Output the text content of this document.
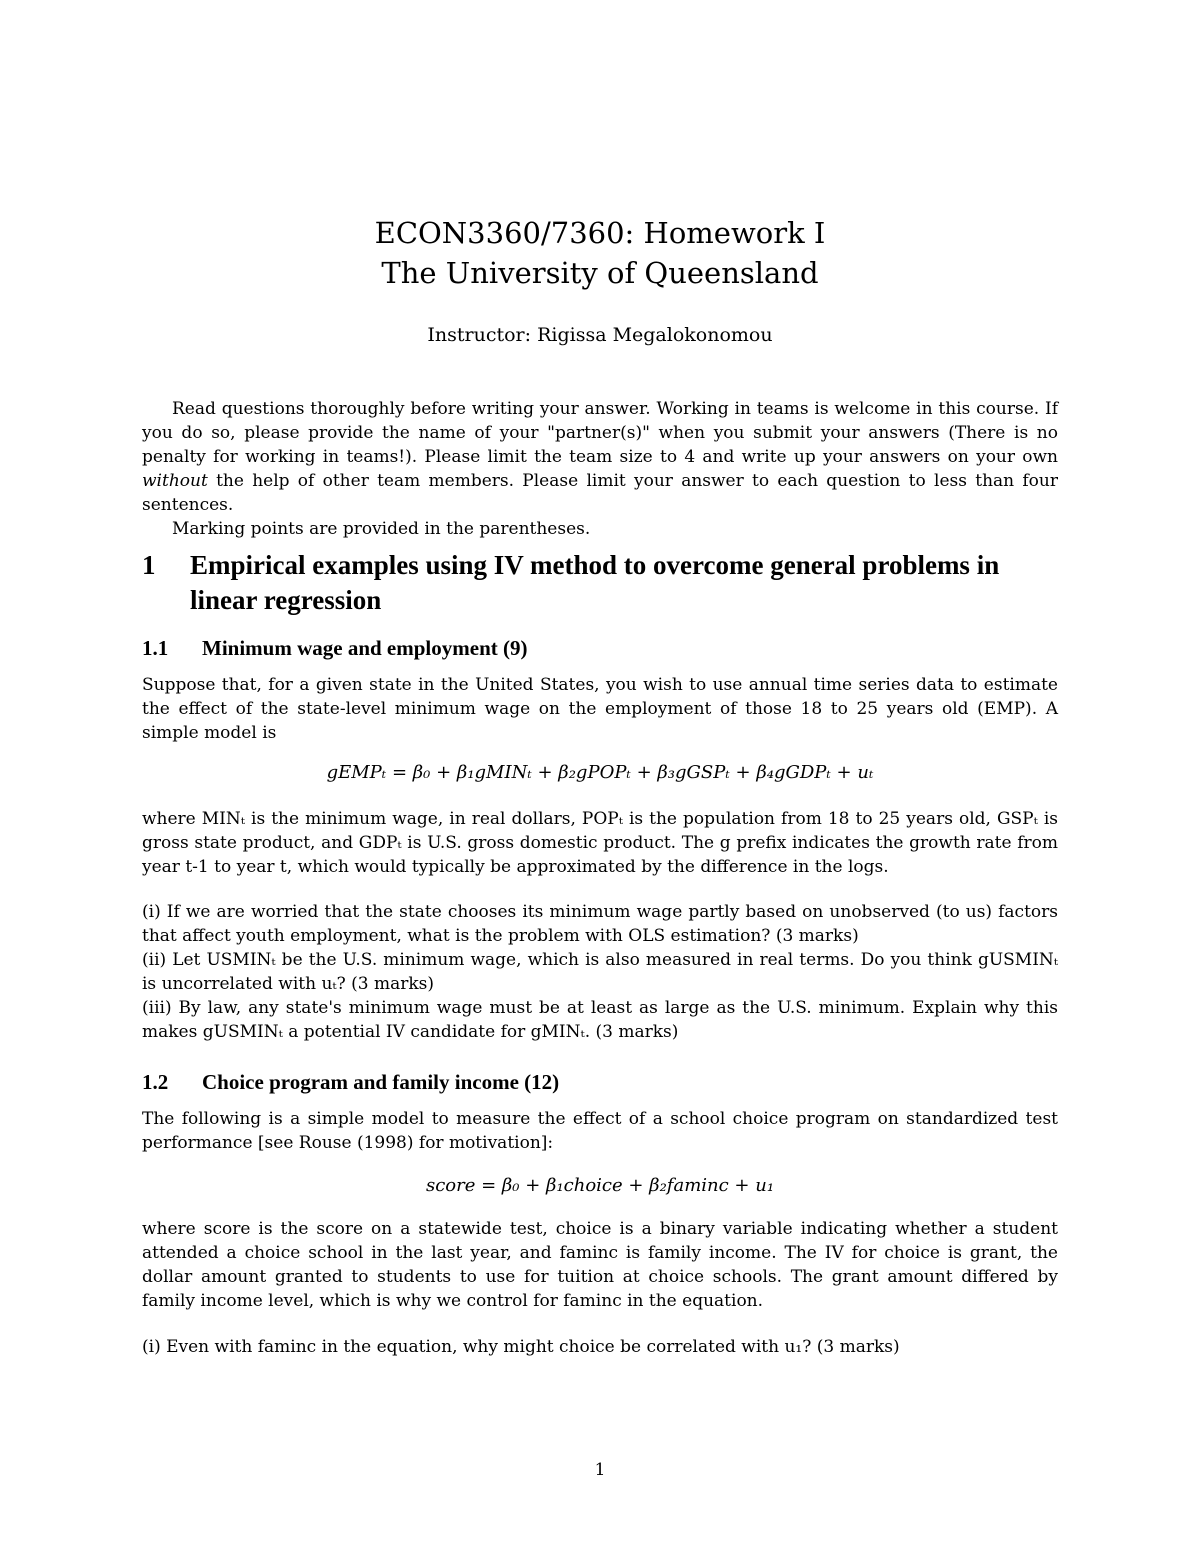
ECON3360/7360: Homework I
The University of Queensland
Instructor: Rigissa Megalokonomou

Read questions thoroughly before writing your answer. Working in teams is welcome in this course. If you do so, please provide the name of your "partner(s)" when you submit your answers (There is no penalty for working in teams!). Please limit the team size to 4 and write up your answers on your own without the help of other team members. Please limit your answer to each question to less than four sentences.

Marking points are provided in the parentheses.

1 Empirical examples using IV method to overcome general problems in linear regression
1.1 Minimum wage and employment (9)
Suppose that, for a given state in the United States, you wish to use annual time series data to estimate the effect of the state-level minimum wage on the employment of those 18 to 25 years old (EMP). A simple model is
gEMPₜ = β₀ + β₁gMINₜ + β₂gPOPₜ + β₃gGSPₜ + β₄gGDPₜ + uₜ
where MINₜ is the minimum wage, in real dollars, POPₜ is the population from 18 to 25 years old, GSPₜ is gross state product, and GDPₜ is U.S. gross domestic product. The g prefix indicates the growth rate from year t-1 to year t, which would typically be approximated by the difference in the logs.

(i) If we are worried that the state chooses its minimum wage partly based on unobserved (to us) factors that affect youth employment, what is the problem with OLS estimation? (3 marks)

(ii) Let USMINₜ be the U.S. minimum wage, which is also measured in real terms. Do you think gUSMINₜ is uncorrelated with uₜ? (3 marks)

(iii) By law, any state's minimum wage must be at least as large as the U.S. minimum. Explain why this makes gUSMINₜ a potential IV candidate for gMINₜ. (3 marks)

1.2 Choice program and family income (12)
The following is a simple model to measure the effect of a school choice program on standardized test performance [see Rouse (1998) for motivation]:
score = β₀ + β₁choice + β₂faminc + u₁
where score is the score on a statewide test, choice is a binary variable indicating whether a student attended a choice school in the last year, and faminc is family income. The IV for choice is grant, the dollar amount granted to students to use for tuition at choice schools. The grant amount differed by family income level, which is why we control for faminc in the equation.
(i) Even with faminc in the equation, why might choice be correlated with u₁? (3 marks)
1
